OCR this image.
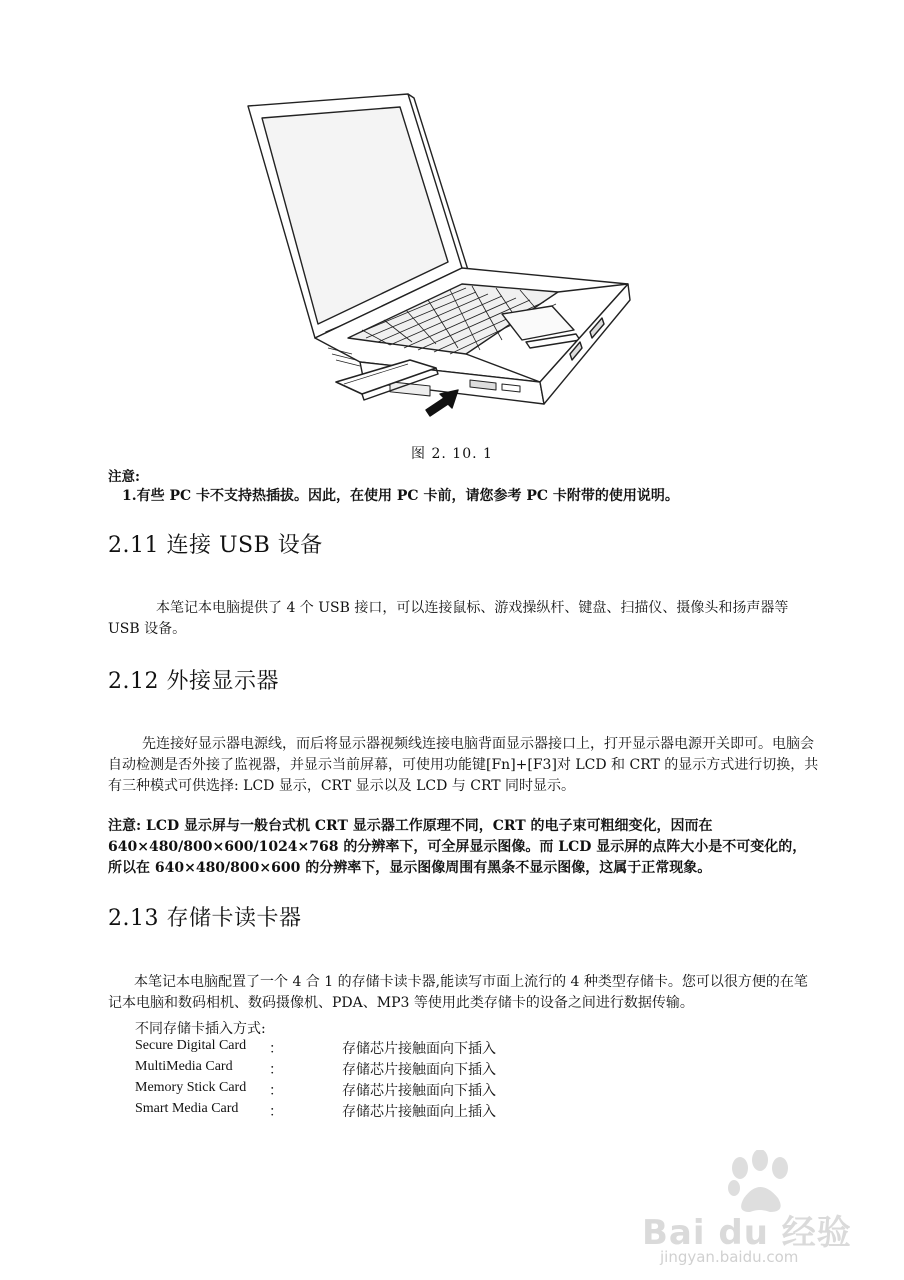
图 2. 10. 1
注意:
1.有些 PC 卡不支持热插拔。因此，在使用 PC 卡前，请您参考 PC 卡附带的使用说明。
2.11 连接 USB 设备

本笔记本电脑提供了 4 个 USB 接口，可以连接鼠标、游戏操纵杆、键盘、扫描仪、摄像头和扬声器等 USB 设备。

2.12 外接显示器

先连接好显示器电源线，而后将显示器视频线连接电脑背面显示器接口上，打开显示器电源开关即可。电脑会自动检测是否外接了监视器，并显示当前屏幕，可使用功能键[Fn]+[F3]对 LCD 和 CRT 的显示方式进行切换，共有三种模式可供选择: LCD 显示，CRT 显示以及 LCD 与 CRT 同时显示。

注意: LCD 显示屏与一般台式机 CRT 显示器工作原理不同，CRT 的电子束可粗细变化，因而在 640×480/800×600/1024×768 的分辨率下，可全屏显示图像。而 LCD 显示屏的点阵大小是不可变化的，所以在 640×480/800×600 的分辨率下，显示图像周围有黑条不显示图像，这属于正常现象。

2.13 存储卡读卡器

本笔记本电脑配置了一个 4 合 1 的存储卡读卡器,能读写市面上流行的 4 种类型存储卡。您可以很方便的在笔记本电脑和数码相机、数码摄像机、PDA、MP3 等使用此类存储卡的设备之间进行数据传输。

不同存储卡插入方式:
Secure Digital Card ：	存储芯片接触面向下插入
MultiMedia Card	：	存储芯片接触面向下插入
Memory Stick Card ：	存储芯片接触面向下插入
Smart Media Card ：	存储芯片接触面向上插入
Bai du 经验
jingyan.baidu.com
